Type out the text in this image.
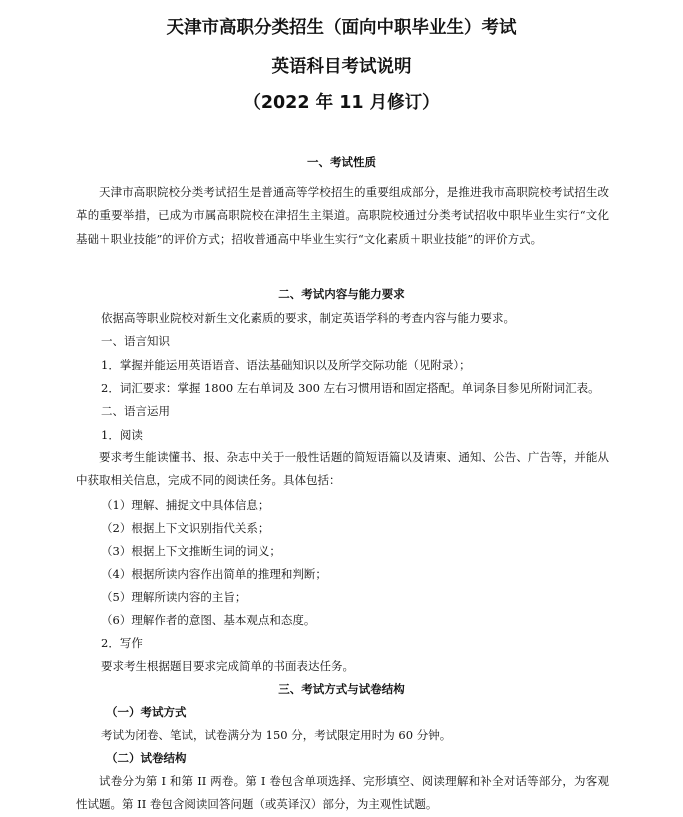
天津市高职分类招生（面向中职毕业生）考试
英语科目考试说明
（2022 年 11 月修订）
一、考试性质
天津市高职院校分类考试招生是普通高等学校招生的重要组成部分，是推进我市高职院校考试招生改革的重要举措，已成为市属高职院校在津招生主渠道。高职院校通过分类考试招收中职毕业生实行“文化基础＋职业技能”的评价方式；招收普通高中毕业生实行“文化素质＋职业技能”的评价方式。
二、考试内容与能力要求
依据高等职业院校对新生文化素质的要求，制定英语学科的考查内容与能力要求。
一、语言知识
1．掌握并能运用英语语音、语法基础知识以及所学交际功能（见附录）；
2．词汇要求：掌握 1800 左右单词及 300 左右习惯用语和固定搭配。单词条目参见所附词汇表。
二、语言运用
1．阅读
要求考生能读懂书、报、杂志中关于一般性话题的简短语篇以及请柬、通知、公告、广告等，并能从中获取相关信息，完成不同的阅读任务。具体包括：
（1）理解、捕捉文中具体信息；
（2）根据上下文识别指代关系；
（3）根据上下文推断生词的词义；
（4）根据所读内容作出简单的推理和判断；
（5）理解所读内容的主旨；
（6）理解作者的意图、基本观点和态度。
2．写作
要求考生根据题目要求完成简单的书面表达任务。
三、考试方式与试卷结构
（一）考试方式
考试为闭卷、笔试，试卷满分为 150 分，考试限定用时为 60 分钟。
（二）试卷结构
试卷分为第 I 和第 II 两卷。第 I 卷包含单项选择、完形填空、阅读理解和补全对话等部分，为客观性试题。第 II 卷包含阅读回答问题（或英译汉）部分，为主观性试题。
